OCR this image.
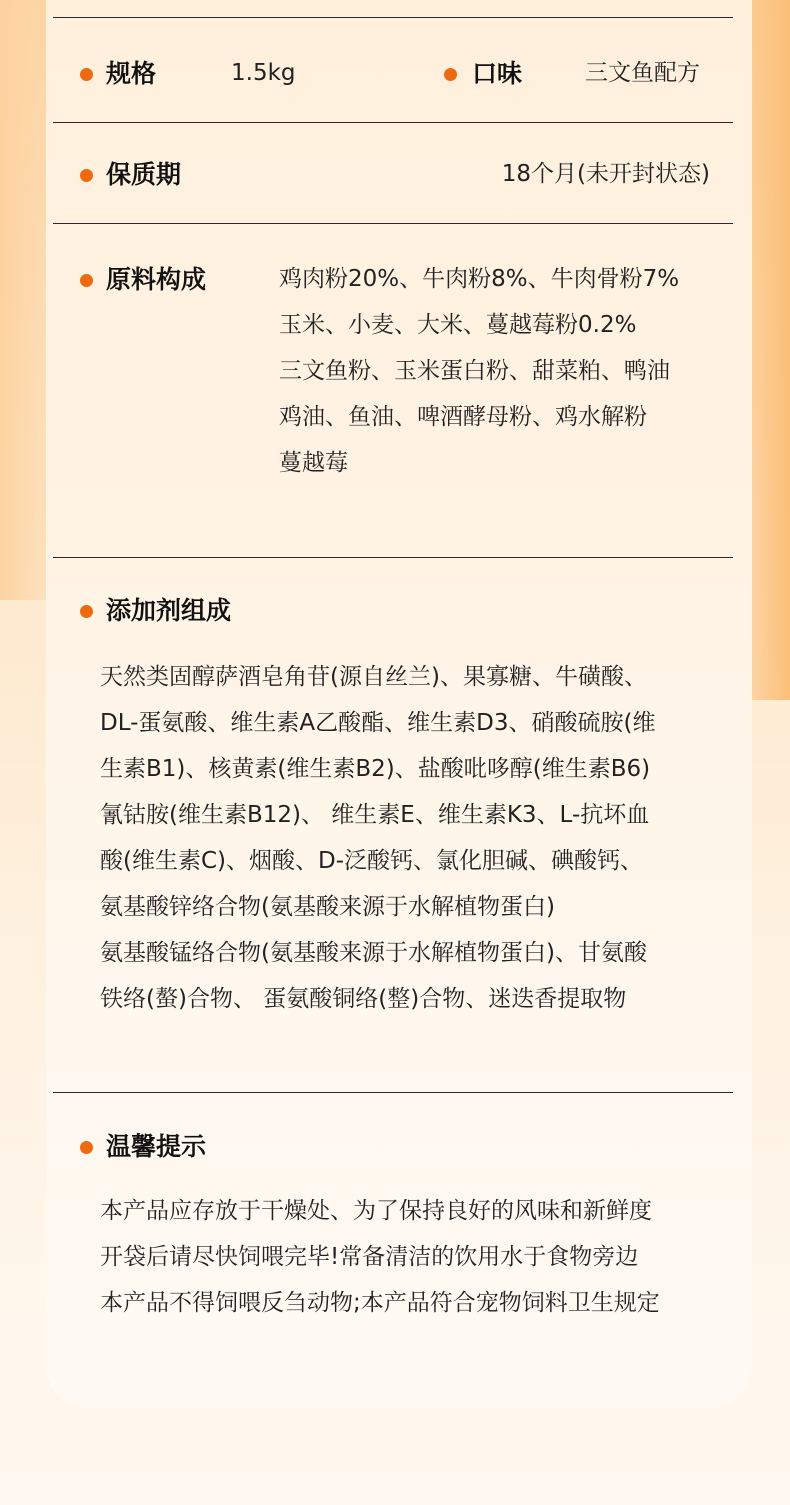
规格	1.5kg	口味	三文鱼配方
保质期	18个月(未开封状态)
原料构成	鸡肉粉20%、牛肉粉8%、牛肉骨粉7%
玉米、小麦、大米、蔓越莓粉0.2%
三文鱼粉、玉米蛋白粉、甜菜粕、鸭油
鸡油、鱼油、啤酒酵母粉、鸡水解粉
蔓越莓
添加剂组成
天然类固醇萨酒皂角苷(源自丝兰)、果寡糖、牛磺酸、
DL-蛋氨酸、维生素A乙酸酯、维生素D3、硝酸硫胺(维
生素B1)、核黄素(维生素B2)、盐酸吡哆醇(维生素B6)
氰钴胺(维生素B12)、 维生素E、维生素K3、L-抗坏血
酸(维生素C)、烟酸、D-泛酸钙、氯化胆碱、碘酸钙、
氨基酸锌络合物(氨基酸来源于水解植物蛋白)
氨基酸锰络合物(氨基酸来源于水解植物蛋白)、甘氨酸
铁络(螯)合物、 蛋氨酸铜络(整)合物、迷迭香提取物
温馨提示
本产品应存放于干燥处、为了保持良好的风味和新鲜度
开袋后请尽快饲喂完毕!常备清洁的饮用水于食物旁边
本产品不得饲喂反刍动物;本产品符合宠物饲料卫生规定
